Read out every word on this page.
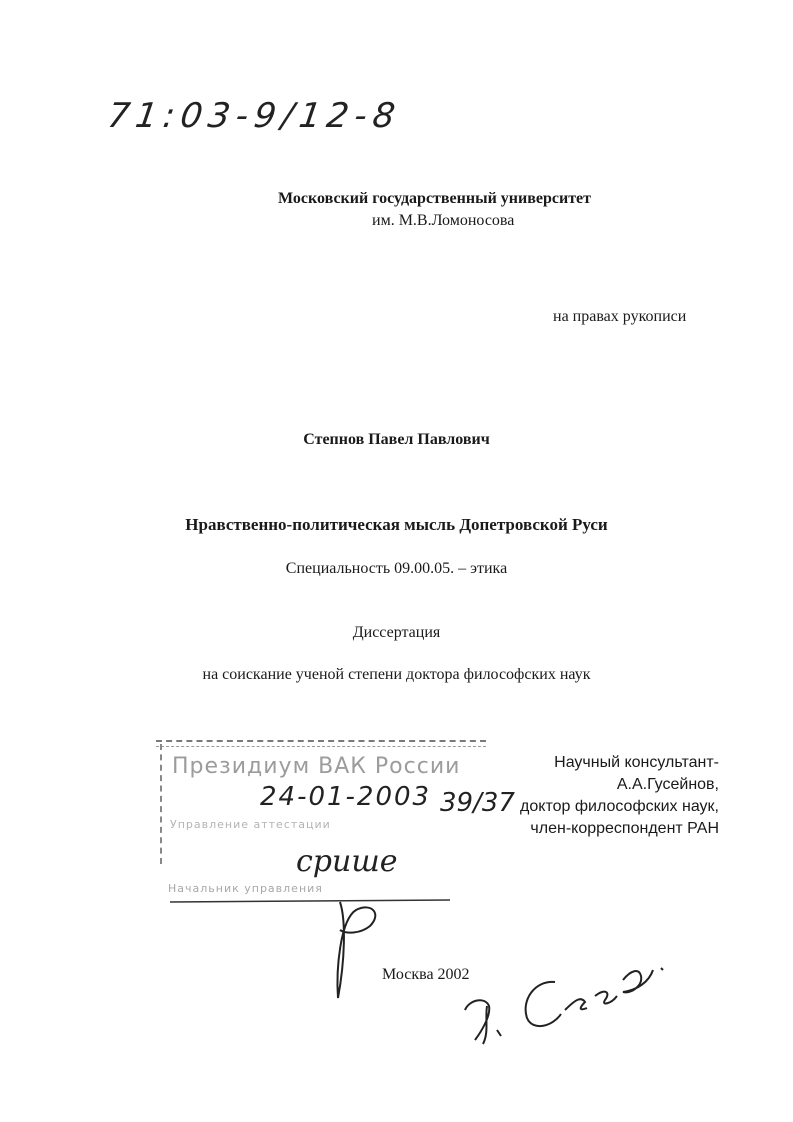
71:03-9/12-8
Московский государственный университет
им. М.В.Ломоносова
на правах рукописи
Степнов Павел Павлович
Нравственно-политическая мысль Допетровской Руси
Специальность 09.00.05. – этика
Диссертация
на соискание ученой степени доктора философских наук
Президиум ВАК России
24-01-2003 39/37
Управление аттестации
Начальник управления
срише
Научный консультант-
А.А.Гусейнов,
доктор философских наук,
член-корреспондент РАН
Москва 2002
